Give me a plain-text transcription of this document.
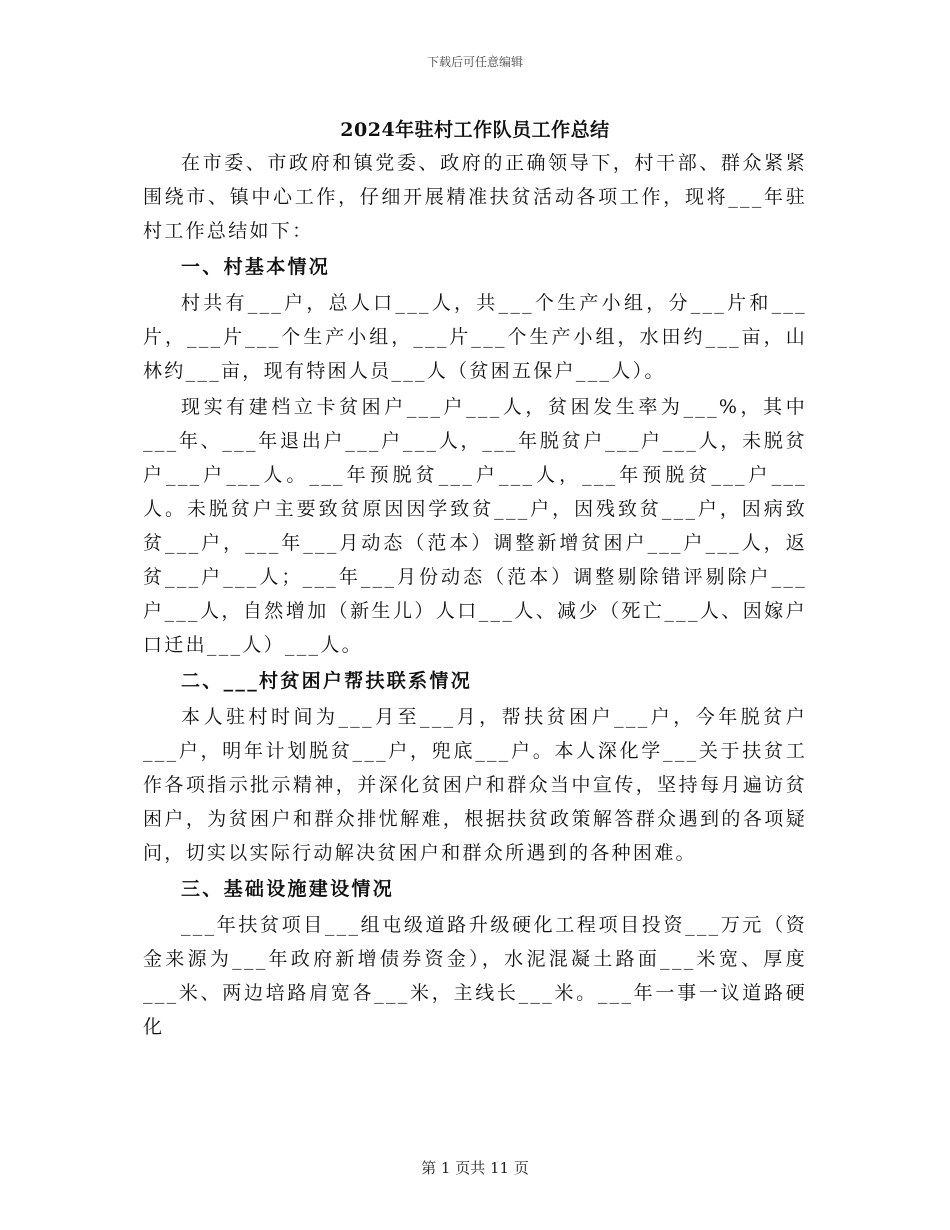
下载后可任意编辑
2024年驻村工作队员工作总结

在市委、市政府和镇党委、政府的正确领导下，村干部、群众紧紧围绕市、镇中心工作，仔细开展精准扶贫活动各项工作，现将___年驻村工作总结如下：

一、村基本情况

村共有___户，总人口___人，共___个生产小组，分___片和___片，___片___个生产小组，___片___个生产小组，水田约___亩，山林约___亩，现有特困人员___人（贫困五保户___人）。

现实有建档立卡贫困户___户___人，贫困发生率为___%，其中___年、___年退出户___户___人，___年脱贫户___户___人，未脱贫户___户___人。___年预脱贫___户___人，___年预脱贫___户___人。未脱贫户主要致贫原因因学致贫___户，因残致贫___户，因病致贫___户，___年___月动态（范本）调整新增贫困户___户___人，返贫___户___人；___年___月份动态（范本）调整剔除错评剔除户___户___人，自然增加（新生儿）人口___人、减少（死亡___人、因嫁户口迁出___人）___人。

二、___村贫困户帮扶联系情况

本人驻村时间为___月至___月，帮扶贫困户___户，今年脱贫户___户，明年计划脱贫___户，兜底___户。本人深化学___关于扶贫工作各项指示批示精神，并深化贫困户和群众当中宣传，坚持每月遍访贫困户，为贫困户和群众排忧解难，根据扶贫政策解答群众遇到的各项疑问，切实以实际行动解决贫困户和群众所遇到的各种困难。

三、基础设施建设情况

___年扶贫项目___组屯级道路升级硬化工程项目投资___万元（资金来源为___年政府新增债券资金），水泥混凝土路面___米宽、厚度___米、两边培路肩宽各___米，主线长___米。___年一事一议道路硬化

第 1 页共 11 页
